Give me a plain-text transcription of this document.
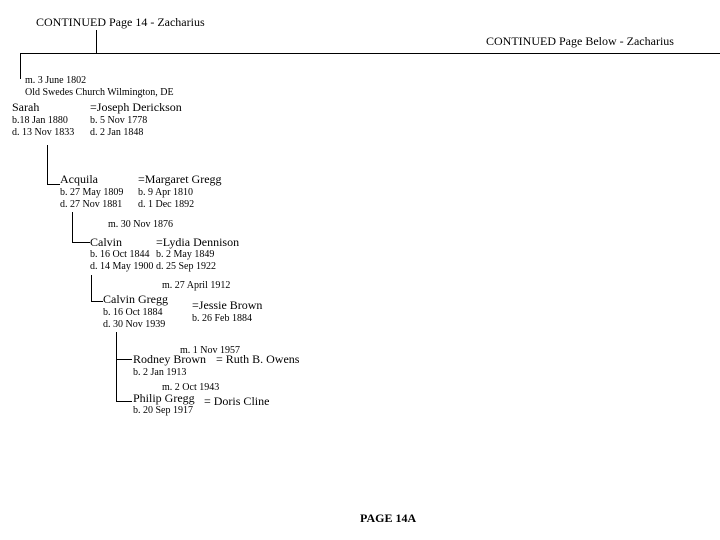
CONTINUED Page 14 - Zacharius
CONTINUED Page Below - Zacharius
m. 3 June 1802
Old Swedes Church Wilmington, DE
Sarah
b.18 Jan 1880
d. 13 Nov 1833
=Joseph Derickson
b. 5 Nov 1778
d. 2 Jan 1848
Acquila
b. 27 May 1809
d. 27 Nov 1881
=Margaret Gregg
b. 9 Apr 1810
d. 1 Dec 1892
m. 30 Nov 1876
Calvin
b. 16 Oct 1844
d. 14 May 1900
=Lydia Dennison
b. 2 May 1849
d. 25 Sep 1922
m. 27 April 1912
Calvin Gregg
b. 16 Oct 1884
d. 30 Nov 1939
=Jessie Brown
b. 26 Feb 1884
m. 1 Nov 1957
Rodney Brown = Ruth B. Owens
b. 2 Jan 1913
m. 2 Oct 1943
Philip Gregg = Doris Cline
b. 20 Sep 1917
PAGE 14A
